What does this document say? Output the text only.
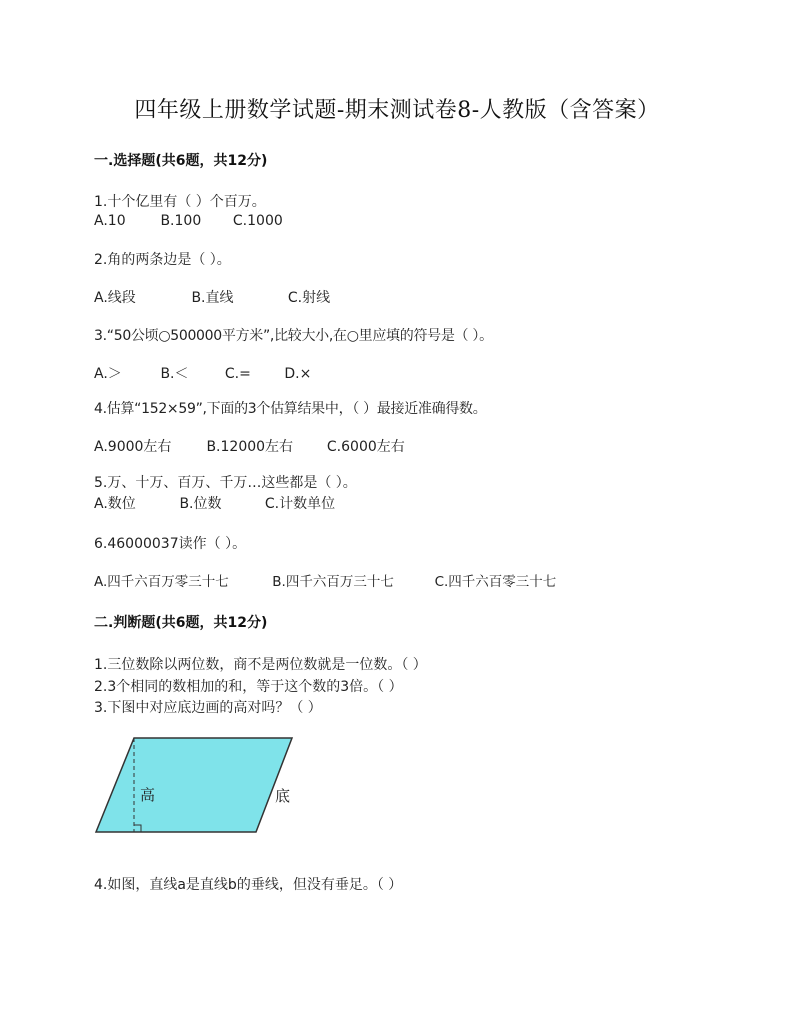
四年级上册数学试题-期末测试卷8-人教版（含答案）
一.选择题(共6题，共12分)
1.十个亿里有（ ）个百万。
A.10 B.100 C.1000
2.角的两条边是（ ）。
A.线段	B.直线	C.射线
3.“50公顷○500000平方米”,比较大小,在○里应填的符号是（ ）。
A.＞	B.＜	C.= D.×
4.估算“152×59”,下面的3个估算结果中，（ ）最接近准确得数。
A.9000左右	B.12000左右 C.6000左右
5.万、十万、百万、千万…这些都是（ ）。
A.数位	B.位数	C.计数单位
6.46000037读作（ ）。
A.四千六百万零三十七	B.四千六百万三十七	C.四千六百零三十七
二.判断题(共6题，共12分)
1.三位数除以两位数，商不是两位数就是一位数。（ ）
2.3个相同的数相加的和，等于这个数的3倍。（ ）
3.下图中对应底边画的高对吗？（ ）
高	底
4.如图，直线a是直线b的垂线，但没有垂足。（ ）
